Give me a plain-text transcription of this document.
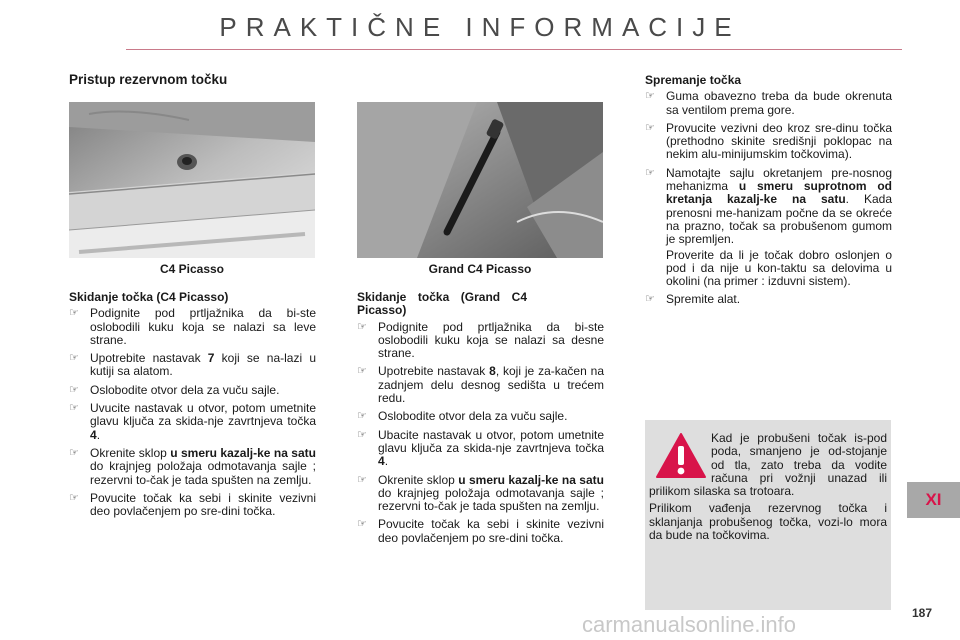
PRAKTIČNE INFORMACIJE
Pristup rezervnom točku
C4 Picasso	Grand C4 Picasso

Skidanje točka (C4 Picasso)

☞ Podignite pod prtljažnika da bi-ste oslobodili kuku koja se nalazi sa leve strane.
☞ Upotrebite nastavak 7 koji se na-lazi u kutiji sa alatom.
☞ Oslobodite otvor dela za vuču sajle.
☞ Uvucite nastavak u otvor, potom umetnite glavu ključa za skida-nje zavrtnjeva točka 4.
☞ Okrenite sklop u smeru kazalj-ke na satu do krajnjeg položaja odmotavanja sajle ; rezervni to-čak je tada spušten na zemlju.
☞ Povucite točak ka sebi i skinite vezivni deo povlačenjem po sre-dini točka.

Skidanje točka (Grand C4 Picasso)

☞ Podignite pod prtljažnika da bi-ste oslobodili kuku koja se nalazi sa desne strane.
☞ Upotrebite nastavak 8, koji je za-kačen na zadnjem delu desnog sedišta u trećem redu.
☞ Oslobodite otvor dela za vuču sajle.
☞ Ubacite nastavak u otvor, potom umetnite glavu ključa za skida-nje zavrtnjeva točka 4.
☞ Okrenite sklop u smeru kazalj-ke na satu do krajnjeg položaja odmotavanja sajle ; rezervni to-čak je tada spušten na zemlju.
☞ Povucite točak ka sebi i skinite vezivni deo povlačenjem po sre-dini točka.

Spremanje točka

☞ Guma obavezno treba da bude okrenuta sa ventilom prema gore.
☞ Provucite vezivni deo kroz sre-dinu točka (prethodno skinite središnji poklopac na nekim alu-minijumskim točkovima).
☞ Namotajte sajlu okretanjem pre-nosnog mehanizma u smeru suprotnom od kretanja kazalj-ke na satu. Kada prenosni me-hanizam počne da se okreće na prazno, točak sa probušenom gumom je spremljen.
Proverite da li je točak dobro oslonjen o pod i da nije u kon-taktu sa delovima u okolini (na primer : izduvni sistem).
☞ Spremite alat.

Kad je probušeni točak is-pod poda, smanjeno je od-stojanje od tla, zato treba da vodite računa pri vožnji unazad ili prilikom silaska sa trotoara.

Prilikom vađenja rezervnog točka i sklanjanja probušenog točka, vozi-lo mora da bude na točkovima.

XI
187
carmanualsonline.info
